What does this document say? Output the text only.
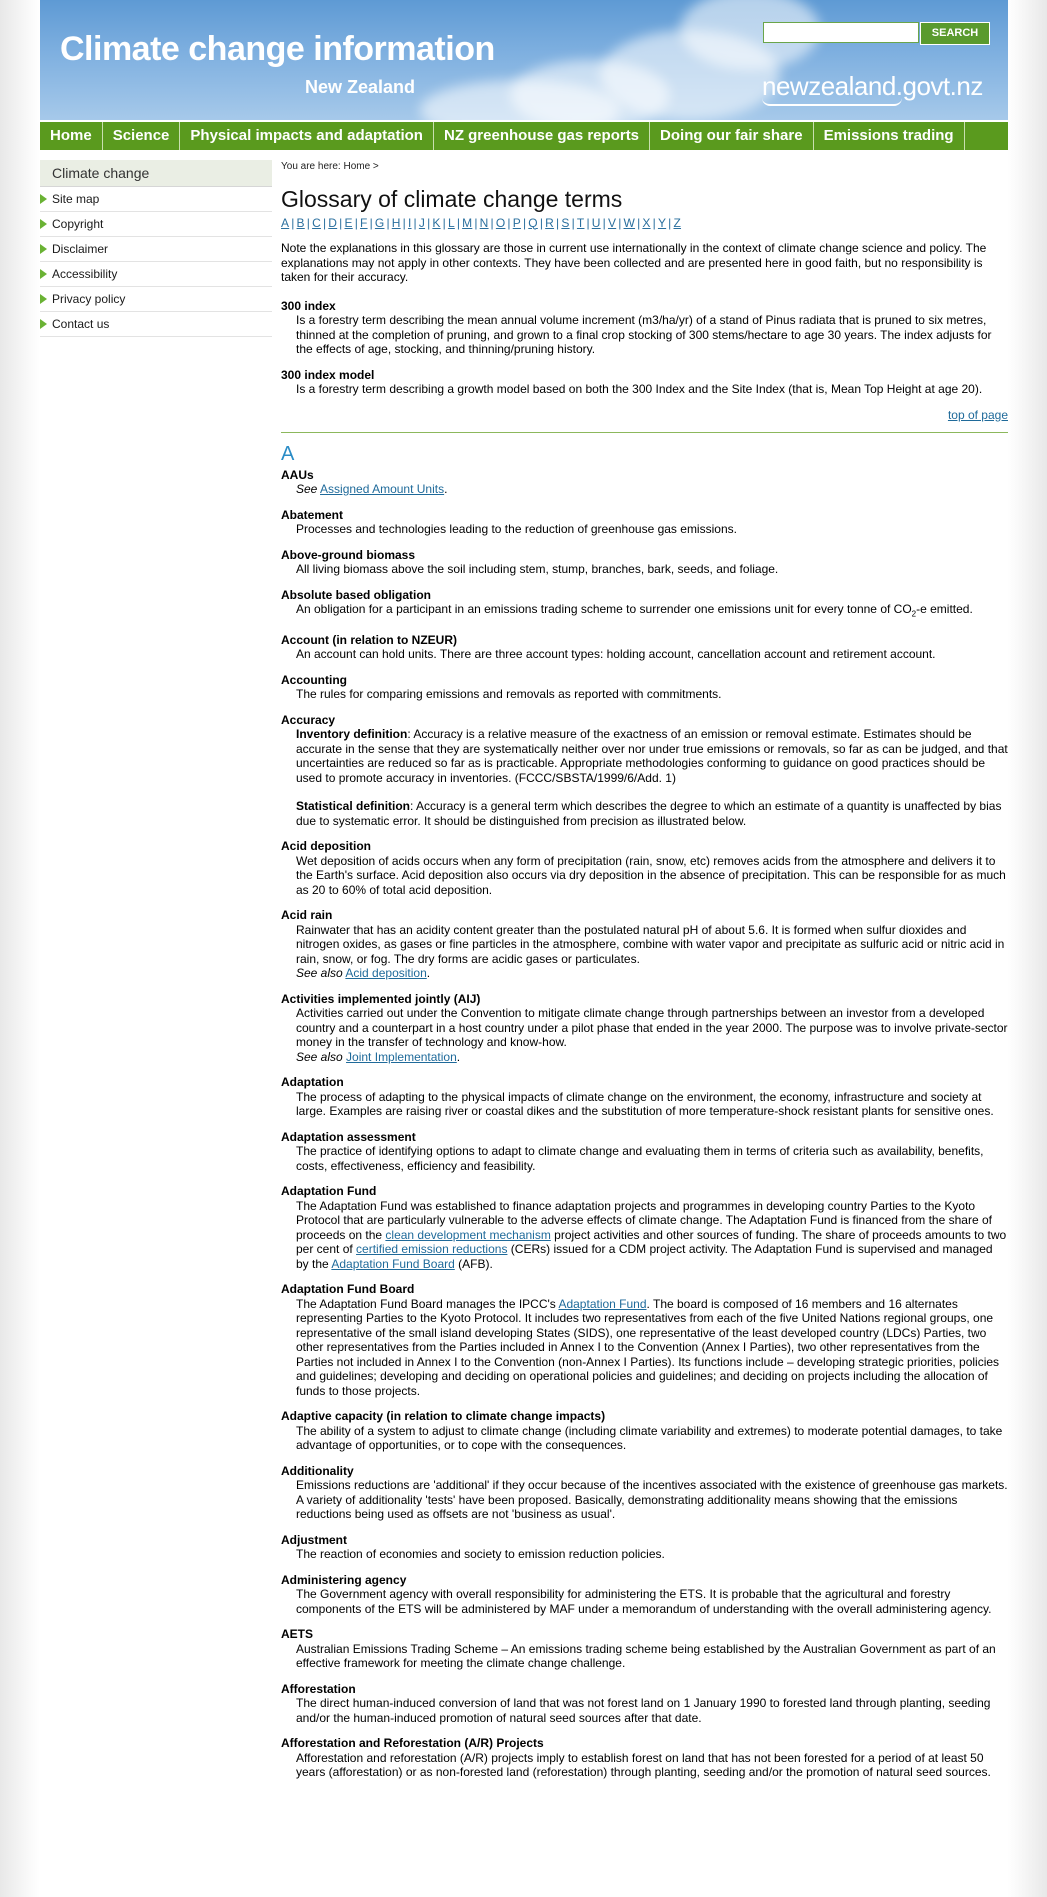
Climate change information
New Zealand
SEARCH
newzealand.govt.nz
Home	Science	Physical impacts and adaptation	NZ greenhouse gas reports	Doing our fair share	Emissions trading
Climate change
Site map
Copyright
Disclaimer
Accessibility
Privacy policy
Contact us
You are here: Home >
Glossary of climate change terms
A | B | C | D | E | F | G | H | I | J | K | L | M | N | O | P | Q | R | S | T | U | V | W | X | Y | Z

Note the explanations in this glossary are those in current use internationally in the context of climate change science and policy. The explanations may not apply in other contexts. They have been collected and are presented here in good faith, but no responsibility is taken for their accuracy.

300 index
Is a forestry term describing the mean annual volume increment (m3/ha/yr) of a stand of Pinus radiata that is pruned to six metres, thinned at the completion of pruning, and grown to a final crop stocking of 300 stems/hectare to age 30 years. The index adjusts for the effects of age, stocking, and thinning/pruning history.
300 index model
Is a forestry term describing a growth model based on both the 300 Index and the Site Index (that is, Mean Top Height at age 20).
top of page
A
AAUs
See Assigned Amount Units.
Abatement
Processes and technologies leading to the reduction of greenhouse gas emissions.
Above-ground biomass
All living biomass above the soil including stem, stump, branches, bark, seeds, and foliage.
Absolute based obligation
An obligation for a participant in an emissions trading scheme to surrender one emissions unit for every tonne of $CO_2-e$ emitted.
Account (in relation to NZEUR)
An account can hold units. There are three account types: holding account, cancellation account and retirement account.
Accounting
The rules for comparing emissions and removals as reported with commitments.
Accuracy

Inventory definition: Accuracy is a relative measure of the exactness of an emission or removal estimate. Estimates should be accurate in the sense that they are systematically neither over nor under true emissions or removals, so far as can be judged, and that uncertainties are reduced so far as is practicable. Appropriate methodologies conforming to guidance on good practices should be used to promote accuracy in inventories. (FCCC/SBSTA/1999/6/Add. 1)

Statistical definition: Accuracy is a general term which describes the degree to which an estimate of a quantity is unaffected by bias due to systematic error. It should be distinguished from precision as illustrated below.

Acid deposition
Wet deposition of acids occurs when any form of precipitation (rain, snow, etc) removes acids from the atmosphere and delivers it to the Earth's surface. Acid deposition also occurs via dry deposition in the absence of precipitation. This can be responsible for as much as 20 to 60% of total acid deposition.
Acid rain
Rainwater that has an acidity content greater than the postulated natural pH of about 5.6. It is formed when sulfur dioxides and nitrogen oxides, as gases or fine particles in the atmosphere, combine with water vapor and precipitate as sulfuric acid or nitric acid in rain, snow, or fog. The dry forms are acidic gases or particulates.
See also Acid deposition.
Activities implemented jointly (AIJ)
Activities carried out under the Convention to mitigate climate change through partnerships between an investor from a developed country and a counterpart in a host country under a pilot phase that ended in the year 2000. The purpose was to involve private-sector money in the transfer of technology and know-how.
See also Joint Implementation.
Adaptation
The process of adapting to the physical impacts of climate change on the environment, the economy, infrastructure and society at large. Examples are raising river or coastal dikes and the substitution of more temperature-shock resistant plants for sensitive ones.
Adaptation assessment
The practice of identifying options to adapt to climate change and evaluating them in terms of criteria such as availability, benefits, costs, effectiveness, efficiency and feasibility.
Adaptation Fund
The Adaptation Fund was established to finance adaptation projects and programmes in developing country Parties to the Kyoto Protocol that are particularly vulnerable to the adverse effects of climate change. The Adaptation Fund is financed from the share of proceeds on the clean development mechanism project activities and other sources of funding. The share of proceeds amounts to two per cent of certified emission reductions (CERs) issued for a CDM project activity. The Adaptation Fund is supervised and managed by the Adaptation Fund Board (AFB).
Adaptation Fund Board
The Adaptation Fund Board manages the IPCC's Adaptation Fund. The board is composed of 16 members and 16 alternates representing Parties to the Kyoto Protocol. It includes two representatives from each of the five United Nations regional groups, one representative of the small island developing States (SIDS), one representative of the least developed country (LDCs) Parties, two other representatives from the Parties included in Annex I to the Convention (Annex I Parties), two other representatives from the Parties not included in Annex I to the Convention (non-Annex I Parties). Its functions include – developing strategic priorities, policies and guidelines; developing and deciding on operational policies and guidelines; and deciding on projects including the allocation of funds to those projects.
Adaptive capacity (in relation to climate change impacts)
The ability of a system to adjust to climate change (including climate variability and extremes) to moderate potential damages, to take advantage of opportunities, or to cope with the consequences.
Additionality
Emissions reductions are 'additional' if they occur because of the incentives associated with the existence of greenhouse gas markets. A variety of additionality 'tests' have been proposed. Basically, demonstrating additionality means showing that the emissions reductions being used as offsets are not 'business as usual'.
Adjustment
The reaction of economies and society to emission reduction policies.
Administering agency
The Government agency with overall responsibility for administering the ETS. It is probable that the agricultural and forestry components of the ETS will be administered by MAF under a memorandum of understanding with the overall administering agency.
AETS
Australian Emissions Trading Scheme – An emissions trading scheme being established by the Australian Government as part of an effective framework for meeting the climate change challenge.
Afforestation
The direct human-induced conversion of land that was not forest land on 1 January 1990 to forested land through planting, seeding and/or the human-induced promotion of natural seed sources after that date.
Afforestation and Reforestation (A/R) Projects
Afforestation and reforestation (A/R) projects imply to establish forest on land that has not been forested for a period of at least 50 years (afforestation) or as non-forested land (reforestation) through planting, seeding and/or the promotion of natural seed sources.
